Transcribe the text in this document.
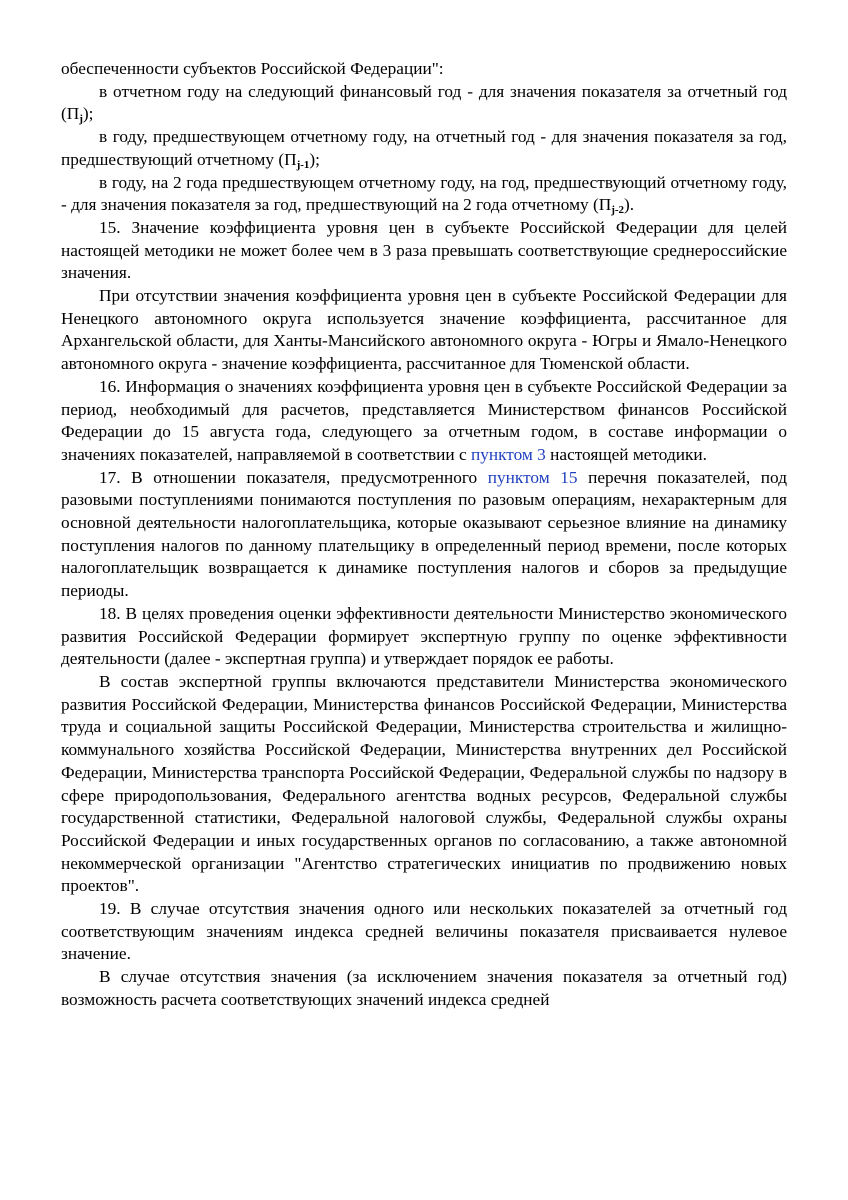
обеспеченности субъектов Российской Федерации":

в отчетном году на следующий финансовый год - для значения показателя за отчетный год $(П_j)$;

в году, предшествующем отчетному году, на отчетный год - для значения показателя за год, предшествующий отчетному $(П_{j-1})$;

в году, на 2 года предшествующем отчетному году, на год, предшествующий отчетному году, - для значения показателя за год, предшествующий на 2 года отчетному $(П_{j-2})$.

15. Значение коэффициента уровня цен в субъекте Российской Федерации для целей настоящей методики не может более чем в 3 раза превышать соответствующие среднероссийские значения.

При отсутствии значения коэффициента уровня цен в субъекте Российской Федерации для Ненецкого автономного округа используется значение коэффициента, рассчитанное для Архангельской области, для Ханты-Мансийского автономного округа - Югры и Ямало-Ненецкого автономного округа - значение коэффициента, рассчитанное для Тюменской области.

16. Информация о значениях коэффициента уровня цен в субъекте Российской Федерации за период, необходимый для расчетов, представляется Министерством финансов Российской Федерации до 15 августа года, следующего за отчетным годом, в составе информации о значениях показателей, направляемой в соответствии с пунктом 3 настоящей методики.

17. В отношении показателя, предусмотренного пунктом 15 перечня показателей, под разовыми поступлениями понимаются поступления по разовым операциям, нехарактерным для основной деятельности налогоплательщика, которые оказывают серьезное влияние на динамику поступления налогов по данному плательщику в определенный период времени, после которых налогоплательщик возвращается к динамике поступления налогов и сборов за предыдущие периоды.

18. В целях проведения оценки эффективности деятельности Министерство экономического развития Российской Федерации формирует экспертную группу по оценке эффективности деятельности (далее - экспертная группа) и утверждает порядок ее работы.

В состав экспертной группы включаются представители Министерства экономического развития Российской Федерации, Министерства финансов Российской Федерации, Министерства труда и социальной защиты Российской Федерации, Министерства строительства и жилищно-коммунального хозяйства Российской Федерации, Министерства внутренних дел Российской Федерации, Министерства транспорта Российской Федерации, Федеральной службы по надзору в сфере природопользования, Федерального агентства водных ресурсов, Федеральной службы государственной статистики, Федеральной налоговой службы, Федеральной службы охраны Российской Федерации и иных государственных органов по согласованию, а также автономной некоммерческой организации "Агентство стратегических инициатив по продвижению новых проектов".

19. В случае отсутствия значения одного или нескольких показателей за отчетный год соответствующим значениям индекса средней величины показателя присваивается нулевое значение.

В случае отсутствия значения (за исключением значения показателя за отчетный год) возможность расчета соответствующих значений индекса средней
